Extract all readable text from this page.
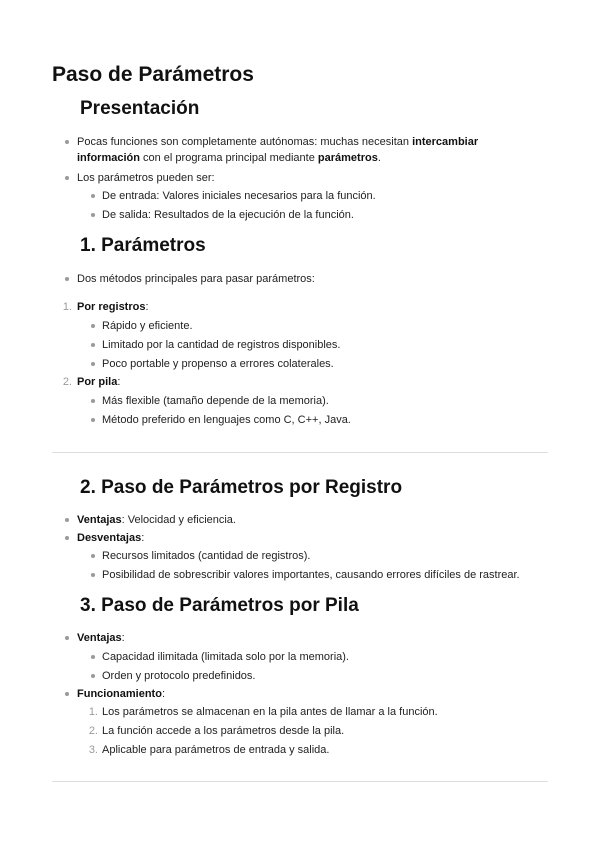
Paso de Parámetros
Presentación
Pocas funciones son completamente autónomas: muchas necesitan intercambiar
información con el programa principal mediante parámetros.
Los parámetros pueden ser:
De entrada: Valores iniciales necesarios para la función.
De salida: Resultados de la ejecución de la función.
1. Parámetros
Dos métodos principales para pasar parámetros:
1. Por registros:
Rápido y eficiente.
Limitado por la cantidad de registros disponibles.
Poco portable y propenso a errores colaterales.
2. Por pila:
Más flexible (tamaño depende de la memoria).
Método preferido en lenguajes como C, C++, Java.
2. Paso de Parámetros por Registro
Ventajas: Velocidad y eficiencia.
Desventajas:
Recursos limitados (cantidad de registros).
Posibilidad de sobrescribir valores importantes, causando errores difíciles de rastrear.
3. Paso de Parámetros por Pila
Ventajas:
Capacidad ilimitada (limitada solo por la memoria).
Orden y protocolo predefinidos.
Funcionamiento:
1. Los parámetros se almacenan en la pila antes de llamar a la función.
2. La función accede a los parámetros desde la pila.
3. Aplicable para parámetros de entrada y salida.
